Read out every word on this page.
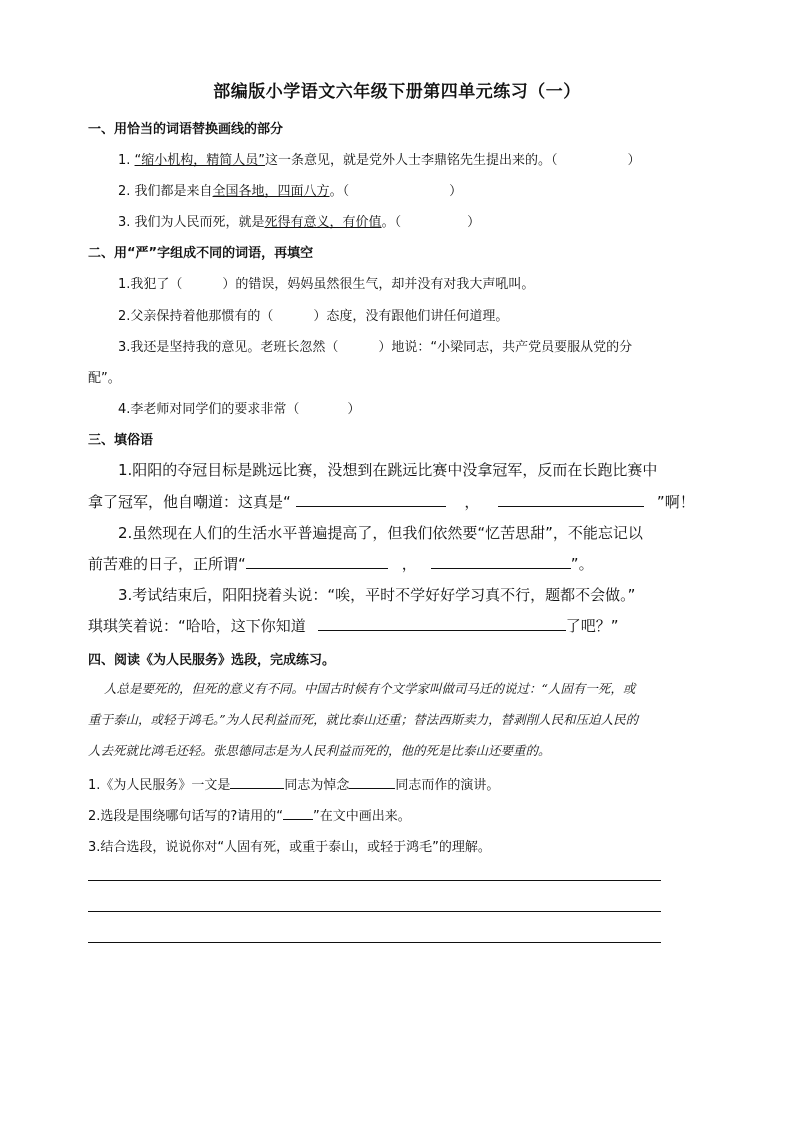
部编版小学语文六年级下册第四单元练习（一）
一、用恰当的词语替换画线的部分
1. “缩小机构，精简人员”这一条意见，就是党外人士李鼎铭先生提出来的。（	）
2. 我们都是来自全国各地，四面八方。（	）
3. 我们为人民而死，就是死得有意义，有价值。（	）
二、用“严”字组成不同的词语，再填空
1.我犯了（	）的错误，妈妈虽然很生气，却并没有对我大声吼叫。
2.父亲保持着他那惯有的（	）态度，没有跟他们讲任何道理。
3.我还是坚持我的意见。老班长忽然（	）地说：“小梁同志，共产党员要服从党的分
配”。
4.李老师对同学们的要求非常（	）
三、填俗语
1.阳阳的夺冠目标是跳远比赛，没想到在跳远比赛中没拿冠军，反而在长跑比赛中
拿了冠军，他自嘲道：这真是“	，	”啊！
2.虽然现在人们的生活水平普遍提高了，但我们依然要“忆苦思甜”，不能忘记以
前苦难的日子，正所谓“	，	”。
3.考试结束后，阳阳挠着头说：“唉，平时不学好好学习真不行，题都不会做。”
琪琪笑着说：“哈哈，这下你知道	了吧？”
四、阅读《为人民服务》选段，完成练习。
人总是要死的，但死的意义有不同。中国古时候有个文学家叫做司马迁的说过：“人固有一死，或
重于泰山，或轻于鸿毛。”为人民利益而死，就比泰山还重；替法西斯卖力，替剥削人民和压迫人民的
人去死就比鸿毛还轻。张思德同志是为人民利益而死的，他的死是比泰山还要重的。
1.《为人民服务》一文是	同志为悼念	同志而作的演讲。
2.选段是围绕哪句话写的?请用的“ ”在文中画出来。
3.结合选段，说说你对“人固有死，或重于泰山，或轻于鸿毛”的理解。
